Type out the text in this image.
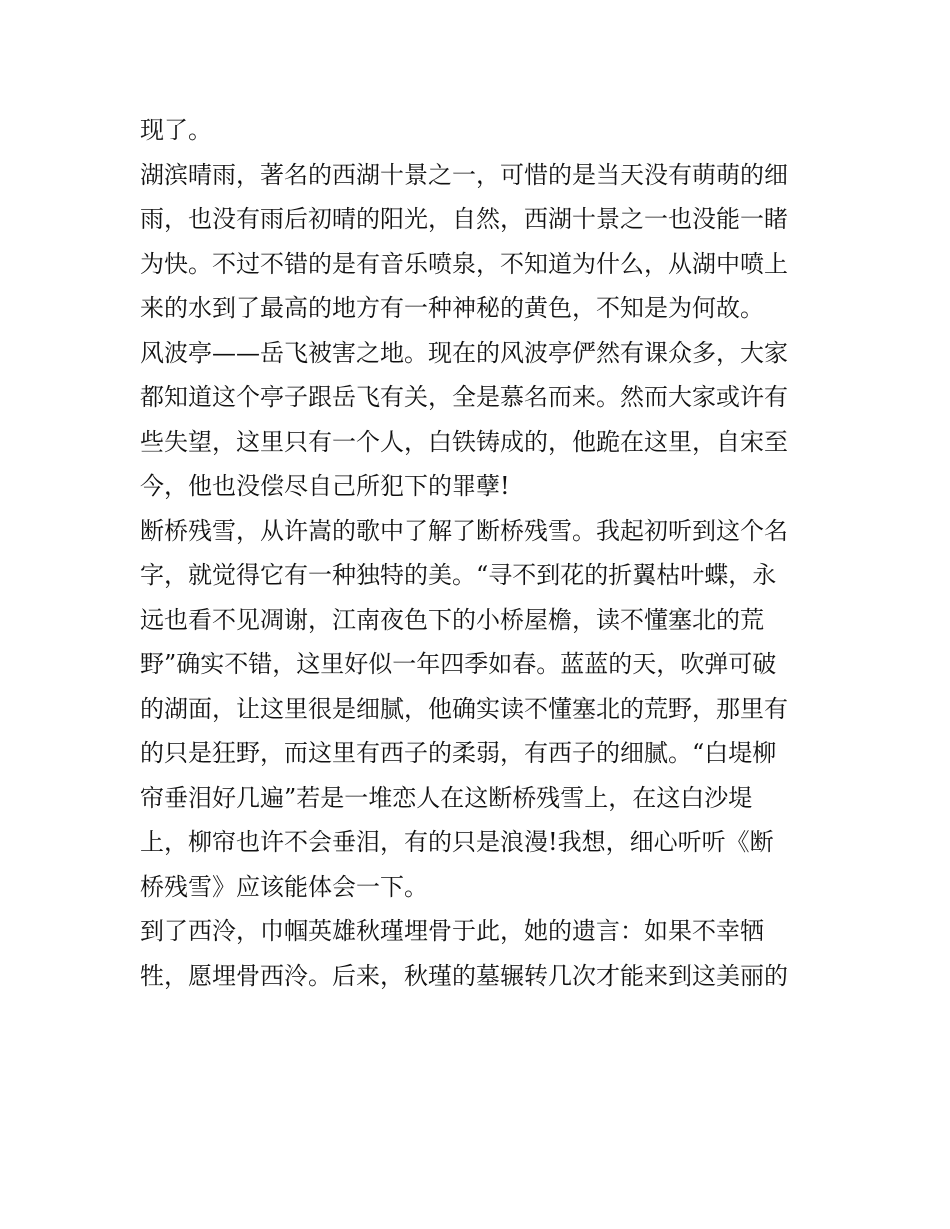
现了。
湖滨晴雨，著名的西湖十景之一，可惜的是当天没有萌萌的细
雨，也没有雨后初晴的阳光，自然，西湖十景之一也没能一睹
为快。不过不错的是有音乐喷泉，不知道为什么，从湖中喷上
来的水到了最高的地方有一种神秘的黄色，不知是为何故。
风波亭——岳飞被害之地。现在的风波亭俨然有课众多，大家
都知道这个亭子跟岳飞有关，全是慕名而来。然而大家或许有
些失望，这里只有一个人，白铁铸成的，他跪在这里，自宋至
今，他也没偿尽自己所犯下的罪孽!
断桥残雪，从许嵩的歌中了解了断桥残雪。我起初听到这个名
字，就觉得它有一种独特的美。“寻不到花的折翼枯叶蝶，永
远也看不见凋谢，江南夜色下的小桥屋檐，读不懂塞北的荒
野”确实不错，这里好似一年四季如春。蓝蓝的天，吹弹可破
的湖面，让这里很是细腻，他确实读不懂塞北的荒野，那里有
的只是狂野，而这里有西子的柔弱，有西子的细腻。“白堤柳
帘垂泪好几遍”若是一堆恋人在这断桥残雪上，在这白沙堤
上，柳帘也许不会垂泪，有的只是浪漫!我想，细心听听《断
桥残雪》应该能体会一下。
到了西泠，巾帼英雄秋瑾埋骨于此，她的遗言：如果不幸牺
牲，愿埋骨西泠。后来，秋瑾的墓辗转几次才能来到这美丽的
